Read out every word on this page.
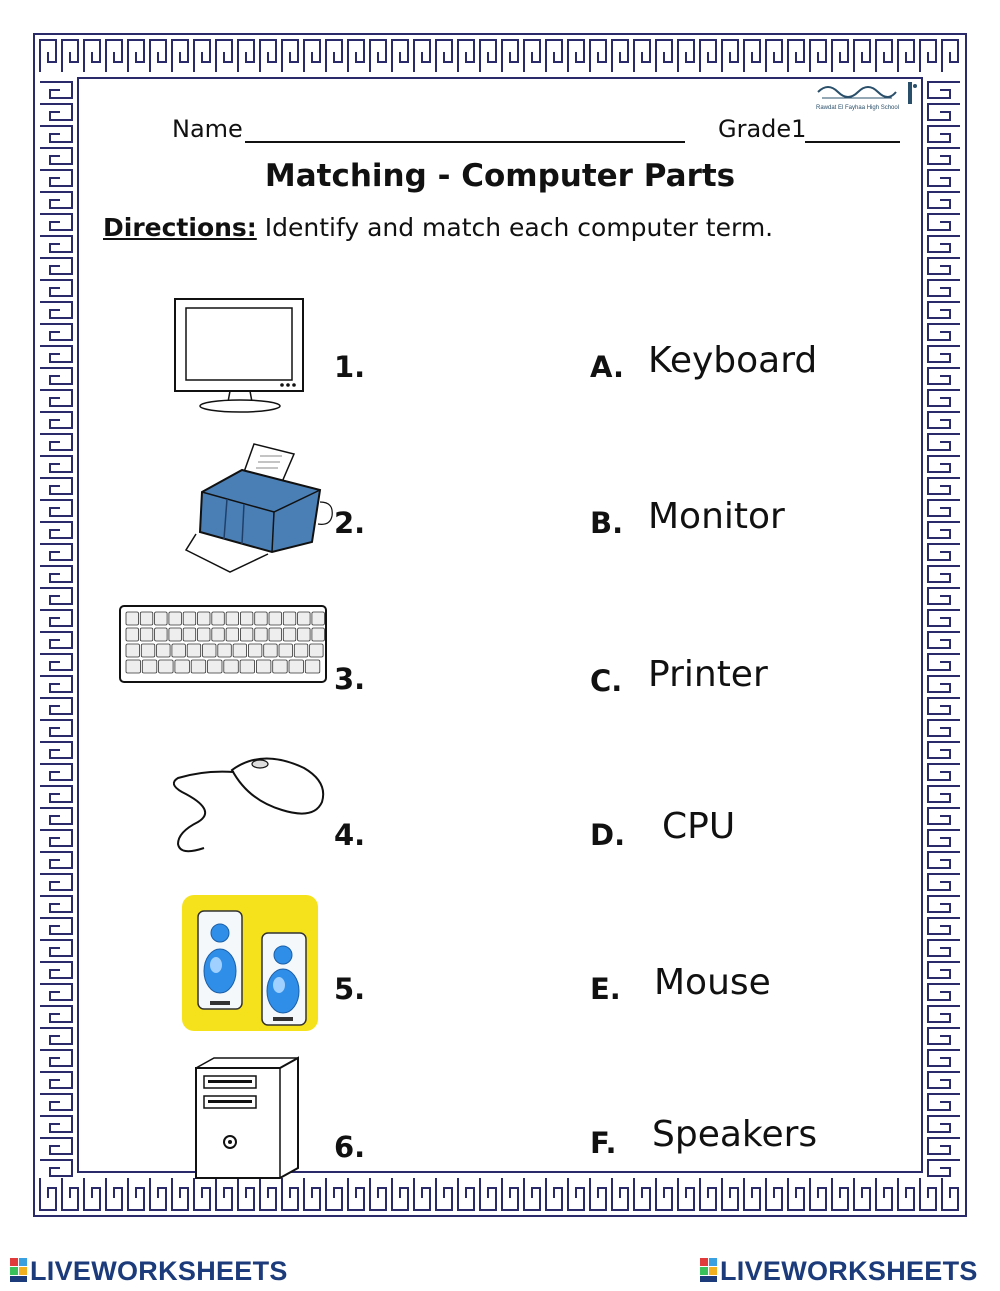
Rawdat El Fayhaa High School
Name	Grade1
Matching - Computer Parts
Directions: Identify and match each computer term.
1.
2.
3.
4.
5.
6.
A.
B.
C.
D.
E.
F.
Keyboard
Monitor
Printer
CPU
Mouse
Speakers
LIVEWORKSHEETS	LIVEWORKSHEETS
